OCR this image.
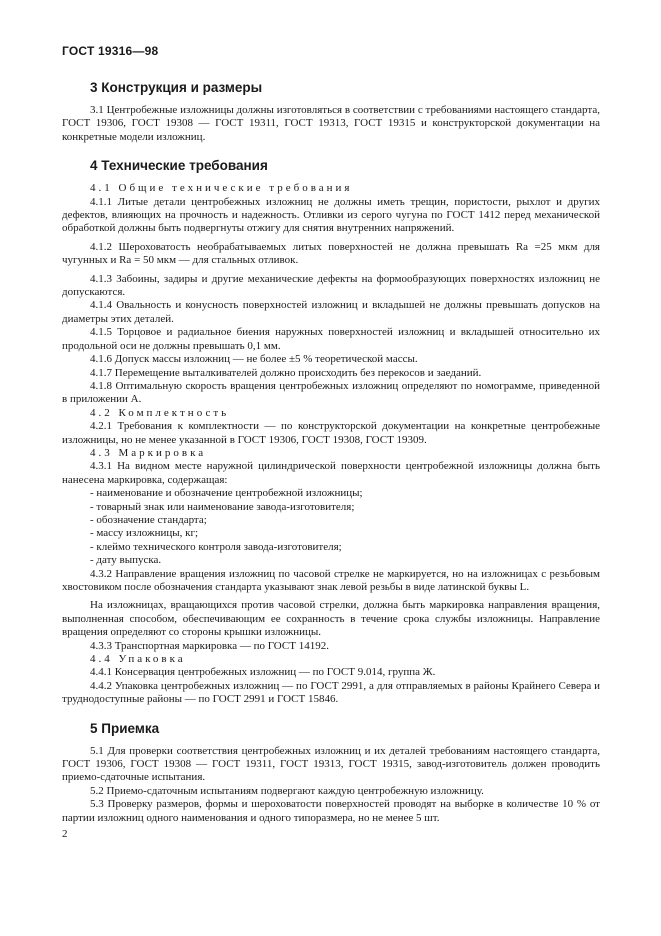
ГОСТ 19316—98
3 Конструкция и размеры

3.1 Центробежные изложницы должны изготовляться в соответствии с требованиями настоящего стандарта, ГОСТ 19306, ГОСТ 19308 — ГОСТ 19311, ГОСТ 19313, ГОСТ 19315 и конструкторской документации на конкретные модели изложниц.

4 Технические требования

4.1 Общие технические требования

4.1.1 Литые детали центробежных изложниц не должны иметь трещин, пористости, рыхлот и других дефектов, влияющих на прочность и надежность. Отливки из серого чугуна по ГОСТ 1412 перед механической обработкой должны быть подвергнуты отжигу для снятия внутренних напряжений.

4.1.2 Шероховатость необрабатываемых литых поверхностей не должна превышать Ra =25 мкм для чугунных и Ra = 50 мкм — для стальных отливок.

4.1.3 Забоины, задиры и другие механические дефекты на формообразующих поверхностях изложниц не допускаются.

4.1.4 Овальность и конусность поверхностей изложниц и вкладышей не должны превышать допусков на диаметры этих деталей.

4.1.5 Торцовое и радиальное биения наружных поверхностей изложниц и вкладышей относительно их продольной оси не должны превышать 0,1 мм.

4.1.6 Допуск массы изложниц — не более ±5 % теоретической массы.

4.1.7 Перемещение выталкивателей должно происходить без перекосов и заеданий.

4.1.8 Оптимальную скорость вращения центробежных изложниц определяют по номограмме, приведенной в приложении А.

4.2 Комплектность

4.2.1 Требования к комплектности — по конструкторской документации на конкретные центробежные изложницы, но не менее указанной в ГОСТ 19306, ГОСТ 19308, ГОСТ 19309.

4.3 Маркировка

4.3.1 На видном месте наружной цилиндрической поверхности центробежной изложницы должна быть нанесена маркировка, содержащая:

- наименование и обозначение центробежной изложницы;

- товарный знак или наименование завода-изготовителя;

- обозначение стандарта;

- массу изложницы, кг;

- клеймо технического контроля завода-изготовителя;

- дату выпуска.

4.3.2 Направление вращения изложниц по часовой стрелке не маркируется, но на изложницах с резьбовым хвостовиком после обозначения стандарта указывают знак левой резьбы в виде латинской буквы L.

На изложницах, вращающихся против часовой стрелки, должна быть маркировка направления вращения, выполненная способом, обеспечивающим ее сохранность в течение срока службы изложницы. Направление вращения определяют со стороны крышки изложницы.

4.3.3 Транспортная маркировка — по ГОСТ 14192.

4.4 Упаковка

4.4.1 Консервация центробежных изложниц — по ГОСТ 9.014, группа Ж.

4.4.2 Упаковка центробежных изложниц — по ГОСТ 2991, а для отправляемых в районы Крайнего Севера и труднодоступные районы — по ГОСТ 2991 и ГОСТ 15846.

5 Приемка

5.1 Для проверки соответствия центробежных изложниц и их деталей требованиям настоящего стандарта, ГОСТ 19306, ГОСТ 19308 — ГОСТ 19311, ГОСТ 19313, ГОСТ 19315, завод-изготовитель должен проводить приемо-сдаточные испытания.

5.2 Приемо-сдаточным испытаниям подвергают каждую центробежную изложницу.

5.3 Проверку размеров, формы и шероховатости поверхностей проводят на выборке в количестве 10 % от партии изложниц одного наименования и одного типоразмера, но не менее 5 шт.

2
